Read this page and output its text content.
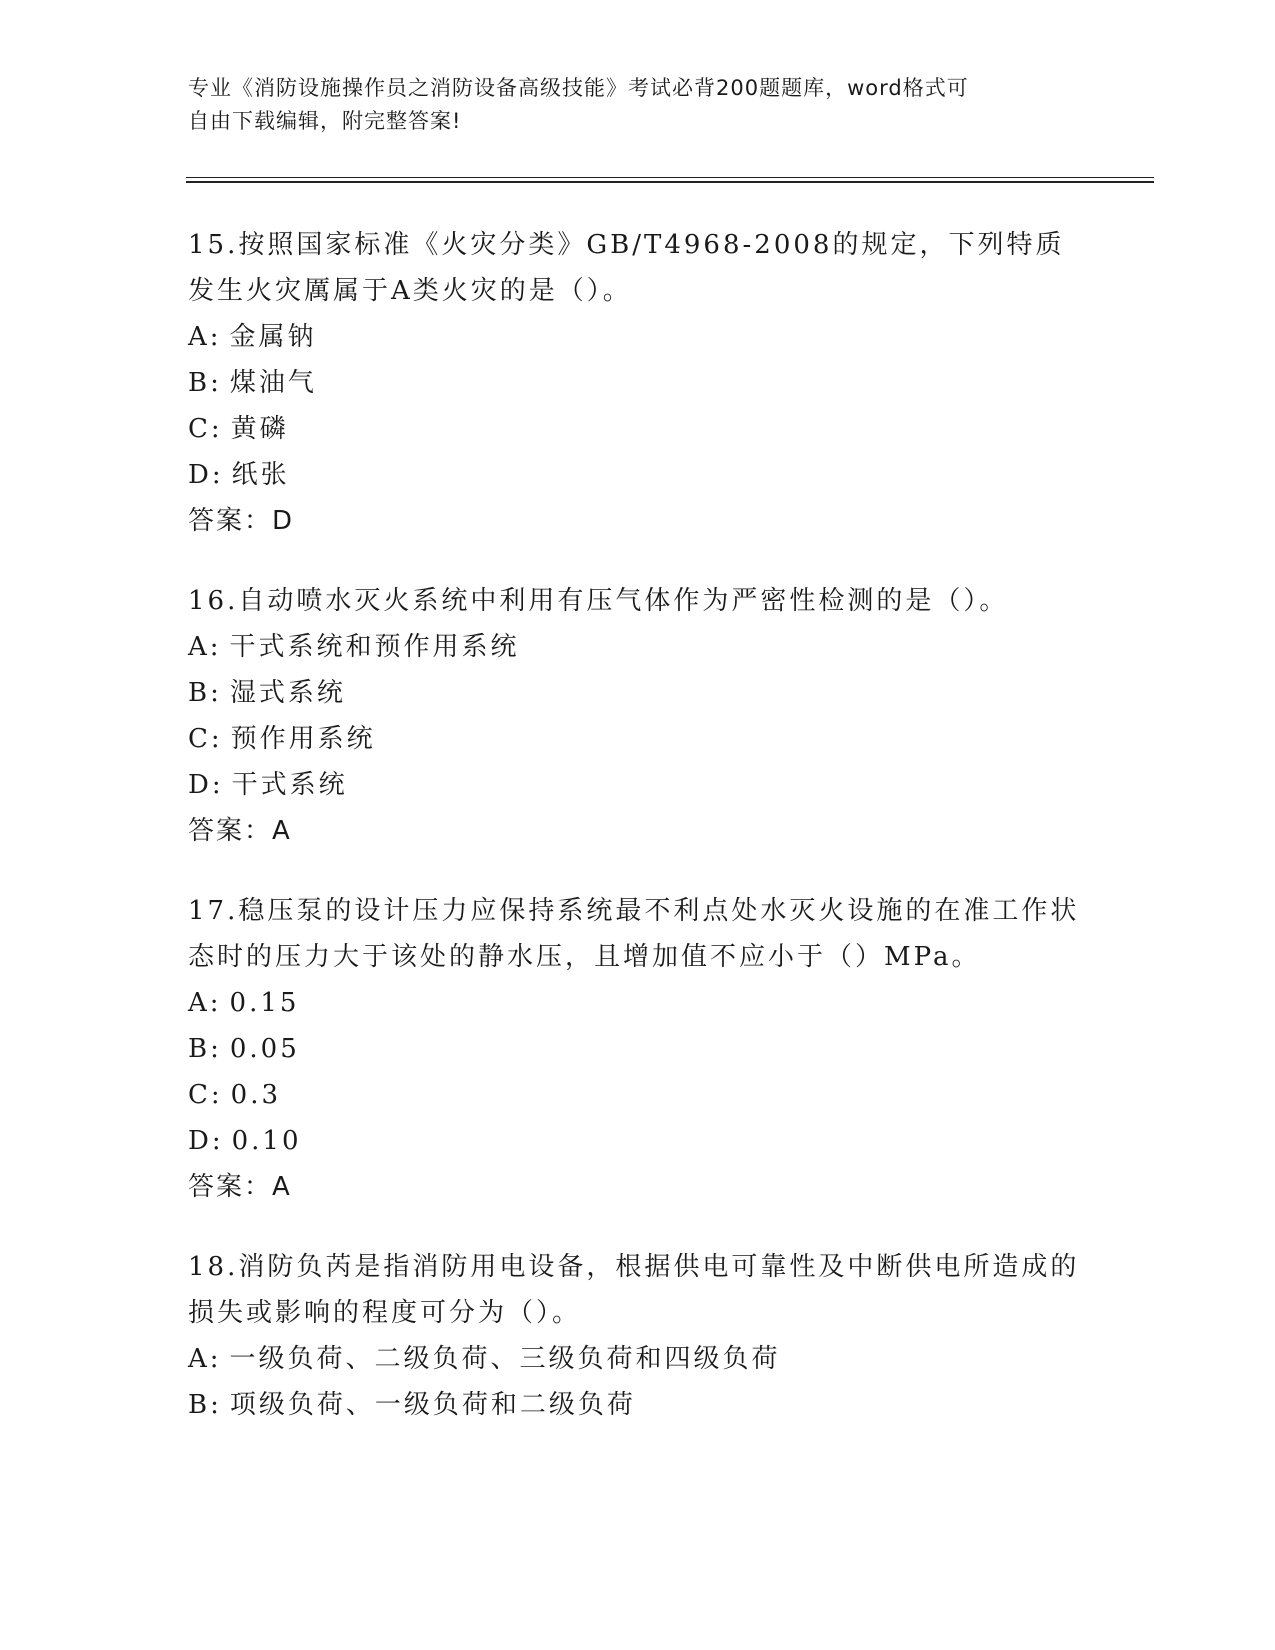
专业《消防设施操作员之消防设备高级技能》考试必背200题题库，word格式可
自由下载编辑，附完整答案!

15.按照国家标准《火灾分类》GB/T4968-2008的规定，下列特质发生火灾厲属于A类火灾的是（）。

A: 金属钠

B: 煤油气

C: 黄磷

D: 纸张

答案：D

16.自动喷水灭火系统中利用有压气体作为严密性检测的是（）。

A: 干式系统和预作用系统

B: 湿式系统

C: 预作用系统

D: 干式系统

答案：A

17.稳压泵的设计压力应保持系统最不利点处水灭火设施的在准工作状态时的压力大于该处的静水压，且增加值不应小于（）MPa。

A: 0.15

B: 0.05

C: 0.3

D: 0.10

答案：A

18.消防负芮是指消防用电设备，根据供电可靠性及中断供电所造成的损失或影响的程度可分为（）。

A: 一级负荷、二级负荷、三级负荷和四级负荷

B: 项级负荷、一级负荷和二级负荷
